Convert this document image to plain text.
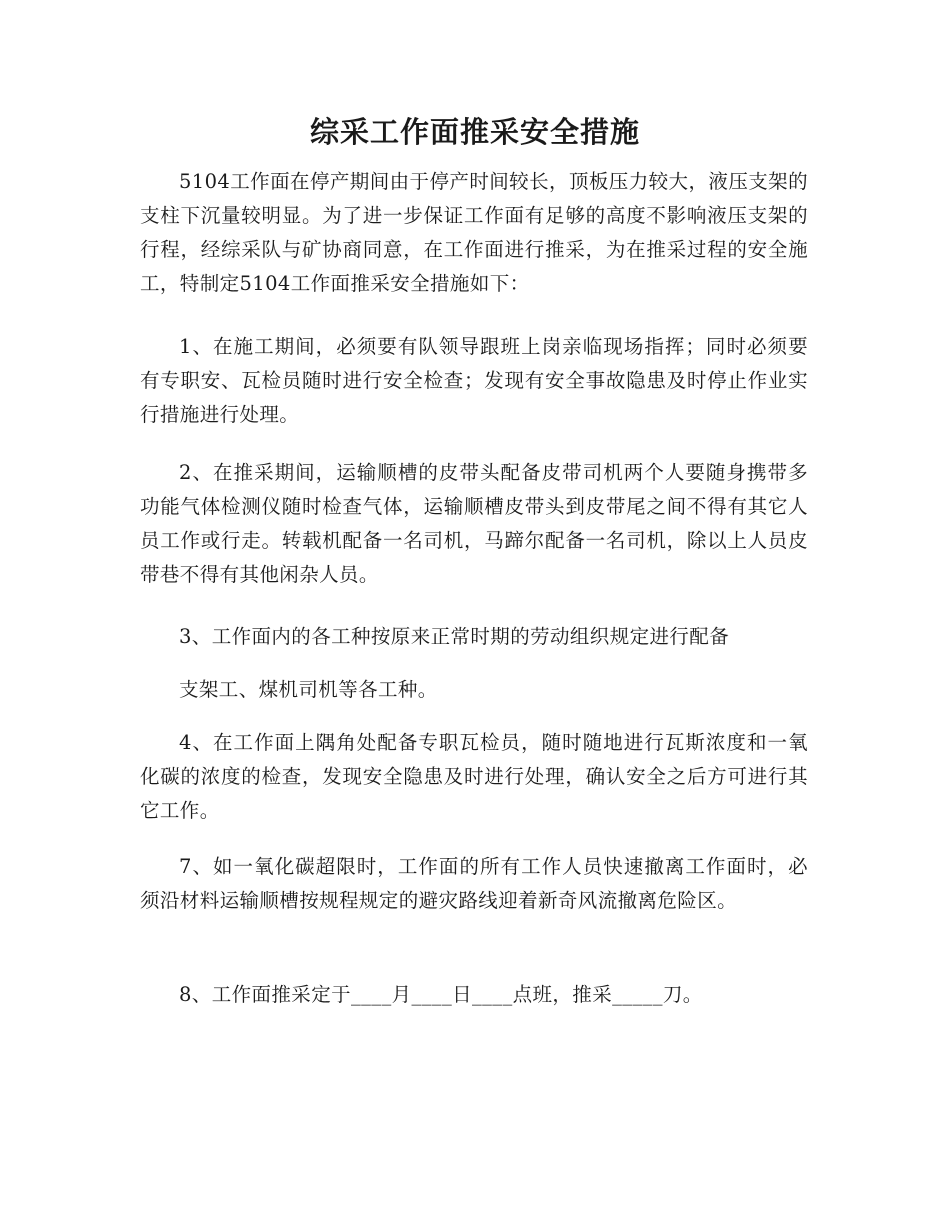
综采工作面推采安全措施

5104工作面在停产期间由于停产时间较长，顶板压力较大，液压支架的支柱下沉量较明显。为了进一步保证工作面有足够的高度不影响液压支架的行程，经综采队与矿协商同意，在工作面进行推采，为在推采过程的安全施工，特制定5104工作面推采安全措施如下：

1、在施工期间，必须要有队领导跟班上岗亲临现场指挥；同时必须要有专职安、瓦检员随时进行安全检查；发现有安全事故隐患及时停止作业实行措施进行处理。

2、在推采期间，运输顺槽的皮带头配备皮带司机两个人要随身携带多功能气体检测仪随时检查气体，运输顺槽皮带头到皮带尾之间不得有其它人员工作或行走。转载机配备一名司机，马蹄尔配备一名司机，除以上人员皮带巷不得有其他闲杂人员。

3、工作面内的各工种按原来正常时期的劳动组织规定进行配备

支架工、煤机司机等各工种。

4、在工作面上隅角处配备专职瓦检员，随时随地进行瓦斯浓度和一氧化碳的浓度的检查，发现安全隐患及时进行处理，确认安全之后方可进行其它工作。

7、如一氧化碳超限时，工作面的所有工作人员快速撤离工作面时，必须沿材料运输顺槽按规程规定的避灾路线迎着新奇风流撤离危险区。

8、工作面推采定于____月____日____点班，推采_____刀。
